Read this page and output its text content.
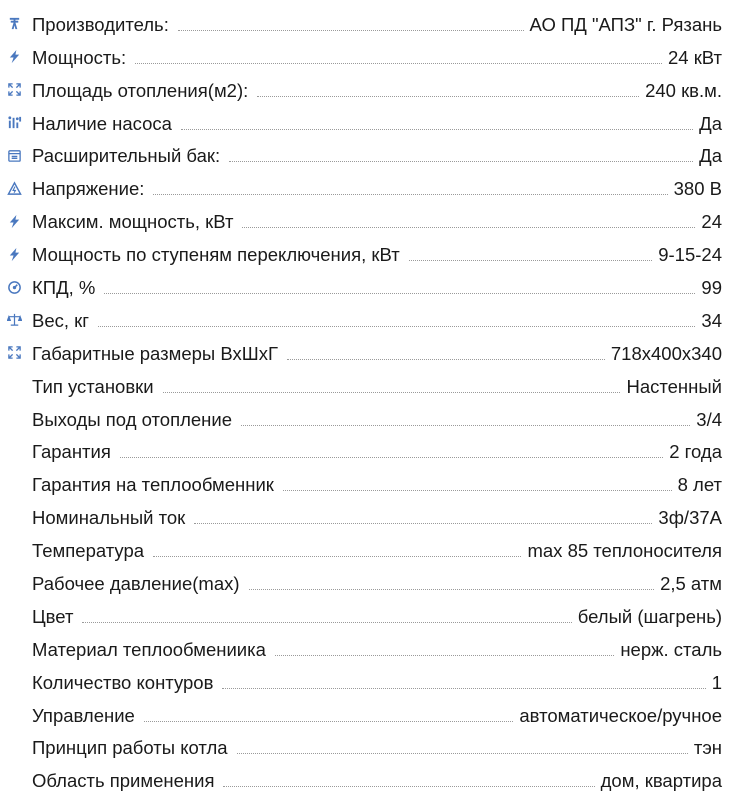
Производитель:	АО ПД "АПЗ" г. Рязань
Мощность:	24 кВт
Площадь отопления(м2):	240 кв.м.
Наличие насоса	Да
Расширительный бак:	Да
Напряжение:	380 В
Максим. мощность, кВт	24
Мощность по ступеням переключения, кВт	9-15-24
КПД, %	99
Вес, кг	34
Габаритные размеры ВхШхГ	718x400x340
Тип установки	Настенный
Выходы под отопление	3/4
Гарантия	2 года
Гарантия на теплообменник	8 лет
Номинальный ток	3ф/37А
Температура	max 85 теплоносителя
Рабочее давление(max)	2,5 атм
Цвет	белый (шагрень)
Материал теплообмениика	нерж. сталь
Количество контуров	1
Управление	автоматическое/ручное
Принцип работы котла	тэн
Область применения	дом, квартира
